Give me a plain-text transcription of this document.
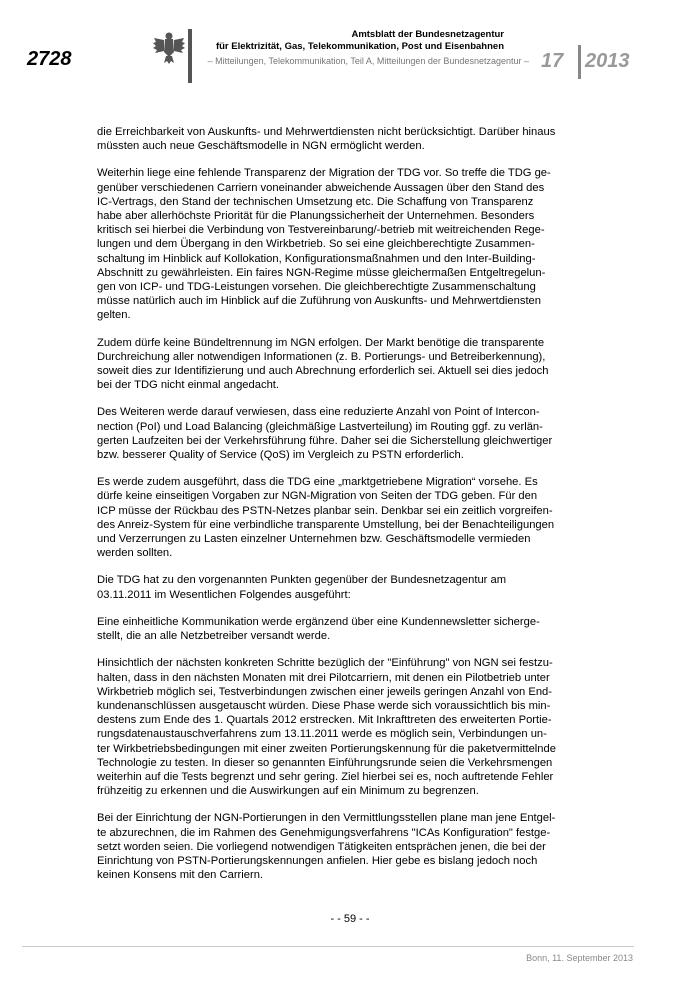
2728
Amtsblatt der Bundesnetzagentur
für Elektrizität, Gas, Telekommunikation, Post und Eisenbahnen
– Mitteilungen, Telekommunikation, Teil A, Mitteilungen der Bundesnetzagentur – 17 2013

die Erreichbarkeit von Auskunfts- und Mehrwertdiensten nicht berücksichtigt. Darüber hinaus
müssten auch neue Geschäftsmodelle in NGN ermöglicht werden.

Weiterhin liege eine fehlende Transparenz der Migration der TDG vor. So treffe die TDG ge-
genüber verschiedenen Carriern voneinander abweichende Aussagen über den Stand des
IC-Vertrags, den Stand der technischen Umsetzung etc. Die Schaffung von Transparenz
habe aber allerhöchste Priorität für die Planungssicherheit der Unternehmen. Besonders
kritisch sei hierbei die Verbindung von Testvereinbarung/-betrieb mit weitreichenden Rege-
lungen und dem Übergang in den Wirkbetrieb. So sei eine gleichberechtigte Zusammen-
schaltung im Hinblick auf Kollokation, Konfigurationsmaßnahmen und den Inter-Building-
Abschnitt zu gewährleisten. Ein faires NGN-Regime müsse gleichermaßen Entgeltregelun-
gen von ICP- und TDG-Leistungen vorsehen. Die gleichberechtigte Zusammenschaltung
müsse natürlich auch im Hinblick auf die Zuführung von Auskunfts- und Mehrwertdiensten
gelten.

Zudem dürfe keine Bündeltrennung im NGN erfolgen. Der Markt benötige die transparente
Durchreichung aller notwendigen Informationen (z. B. Portierungs- und Betreiberkennung),
soweit dies zur Identifizierung und auch Abrechnung erforderlich sei. Aktuell sei dies jedoch
bei der TDG nicht einmal angedacht.

Des Weiteren werde darauf verwiesen, dass eine reduzierte Anzahl von Point of Intercon-
nection (PoI) und Load Balancing (gleichmäßige Lastverteilung) im Routing ggf. zu verlän-
gerten Laufzeiten bei der Verkehrsführung führe. Daher sei die Sicherstellung gleichwertiger
bzw. besserer Quality of Service (QoS) im Vergleich zu PSTN erforderlich.

Es werde zudem ausgeführt, dass die TDG eine „marktgetriebene Migration“ vorsehe. Es
dürfe keine einseitigen Vorgaben zur NGN-Migration von Seiten der TDG geben. Für den
ICP müsse der Rückbau des PSTN-Netzes planbar sein. Denkbar sei ein zeitlich vorgreifen-
des Anreiz-System für eine verbindliche transparente Umstellung, bei der Benachteiligungen
und Verzerrungen zu Lasten einzelner Unternehmen bzw. Geschäftsmodelle vermieden
werden sollten.

Die TDG hat zu den vorgenannten Punkten gegenüber der Bundesnetzagentur am
03.11.2011 im Wesentlichen Folgendes ausgeführt:

Eine einheitliche Kommunikation werde ergänzend über eine Kundennewsletter sicherge-
stellt, die an alle Netzbetreiber versandt werde.

Hinsichtlich der nächsten konkreten Schritte bezüglich der "Einführung" von NGN sei festzu-
halten, dass in den nächsten Monaten mit drei Pilotcarriern, mit denen ein Pilotbetrieb unter
Wirkbetrieb möglich sei, Testverbindungen zwischen einer jeweils geringen Anzahl von End-
kundenanschlüssen ausgetauscht würden. Diese Phase werde sich voraussichtlich bis min-
destens zum Ende des 1. Quartals 2012 erstrecken. Mit Inkrafttreten des erweiterten Portie-
rungsdatenaustauschverfahrens zum 13.11.2011 werde es möglich sein, Verbindungen un-
ter Wirkbetriebsbedingungen mit einer zweiten Portierungskennung für die paketvermittelnde
Technologie zu testen. In dieser so genannten Einführungsrunde seien die Verkehrsmengen
weiterhin auf die Tests begrenzt und sehr gering. Ziel hierbei sei es, noch auftretende Fehler
frühzeitig zu erkennen und die Auswirkungen auf ein Minimum zu begrenzen.

Bei der Einrichtung der NGN-Portierungen in den Vermittlungsstellen plane man jene Entgel-
te abzurechnen, die im Rahmen des Genehmigungsverfahrens "ICAs Konfiguration" festge-
setzt worden seien. Die vorliegend notwendigen Tätigkeiten entsprächen jenen, die bei der
Einrichtung von PSTN-Portierungskennungen anfielen. Hier gebe es bislang jedoch noch
keinen Konsens mit den Carriern.

- - 59 - -
Bonn, 11. September 2013
